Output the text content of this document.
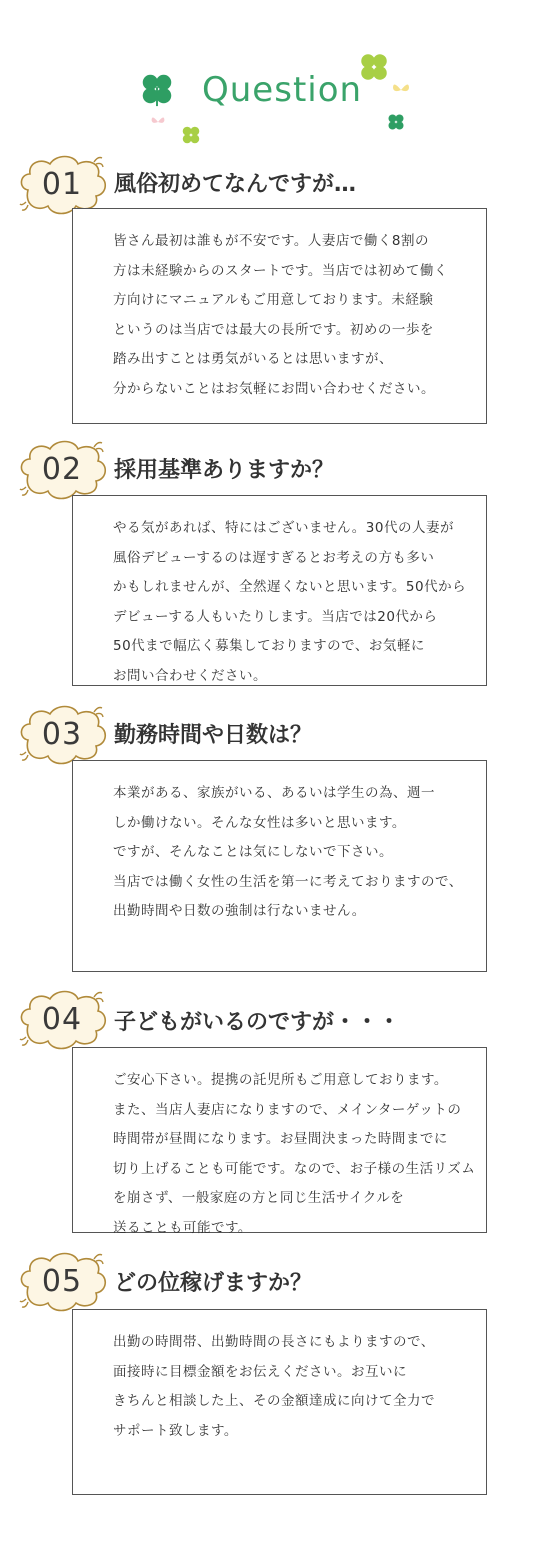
Question
01	風俗初めてなんですが…
皆さん最初は誰もが不安です。人妻店で働く8割の
方は未経験からのスタートです。当店では初めて働く
方向けにマニュアルもご用意しております。未経験
というのは当店では最大の長所です。初めの一歩を
踏み出すことは勇気がいるとは思いますが、
分からないことはお気軽にお問い合わせください。
02	採用基準ありますか？
やる気があれば、特にはございません。30代の人妻が
風俗デビューするのは遅すぎるとお考えの方も多い
かもしれませんが、全然遅くないと思います。50代から
デビューする人もいたりします。当店では20代から
50代まで幅広く募集しておりますので、お気軽に
お問い合わせください。
03	勤務時間や日数は？
本業がある、家族がいる、あるいは学生の為、週一
しか働けない。そんな女性は多いと思います。
ですが、そんなことは気にしないで下さい。
当店では働く女性の生活を第一に考えておりますので、
出勤時間や日数の強制は行ないません。
04	子どもがいるのですが・・・
ご安心下さい。提携の託児所もご用意しております。
また、当店人妻店になりますので、メインターゲットの
時間帯が昼間になります。お昼間決まった時間までに
切り上げることも可能です。なので、お子様の生活リズム
を崩さず、一般家庭の方と同じ生活サイクルを
送ることも可能です。
05	どの位稼げますか？
出勤の時間帯、出勤時間の長さにもよりますので、
面接時に目標金額をお伝えください。お互いに
きちんと相談した上、その金額達成に向けて全力で
サポート致します。
